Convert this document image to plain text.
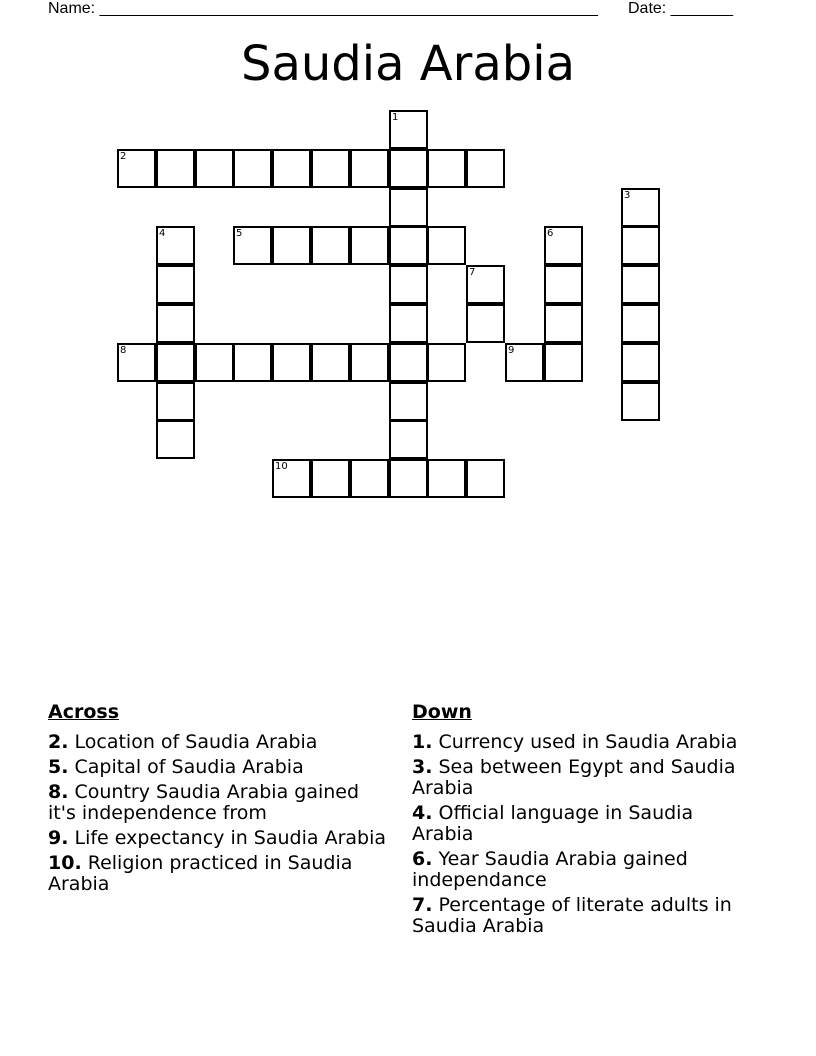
Name: ________________________________________________________ Date: _______
Saudia Arabia
1
2
3
4	5	6
7
8	9
10
Across
2. Location of Saudia Arabia
5. Capital of Saudia Arabia
8. Country Saudia Arabia gained it's independence from
9. Life expectancy in Saudia Arabia
10. Religion practiced in Saudia Arabia
Down
1. Currency used in Saudia Arabia
3. Sea between Egypt and Saudia Arabia
4. Official language in Saudia Arabia
6. Year Saudia Arabia gained independance
7. Percentage of literate adults in Saudia Arabia
